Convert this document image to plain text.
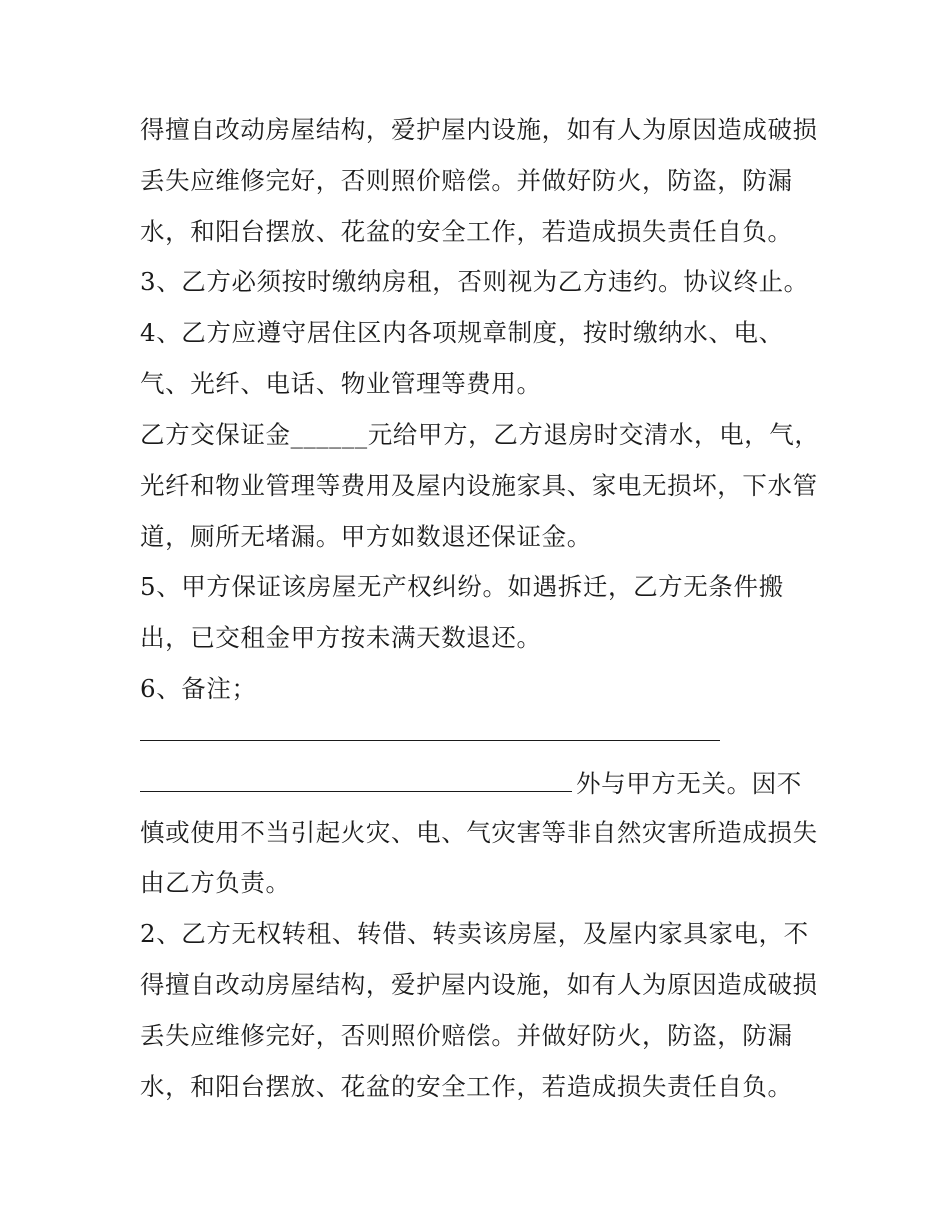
得擅自改动房屋结构，爱护屋内设施，如有人为原因造成破损
丢失应维修完好，否则照价赔偿。并做好防火，防盗，防漏
水，和阳台摆放、花盆的安全工作，若造成损失责任自负。
3、乙方必须按时缴纳房租，否则视为乙方违约。协议终止。
4、乙方应遵守居住区内各项规章制度，按时缴纳水、电、
气、光纤、电话、物业管理等费用。
乙方交保证金______元给甲方，乙方退房时交清水，电，气，
光纤和物业管理等费用及屋内设施家具、家电无损坏，下水管
道，厕所无堵漏。甲方如数退还保证金。
5、甲方保证该房屋无产权纠纷。如遇拆迁，乙方无条件搬
出，已交租金甲方按未满天数退还。
6、备注；
外与甲方无关。因不
慎或使用不当引起火灾、电、气灾害等非自然灾害所造成损失
由乙方负责。
2、乙方无权转租、转借、转卖该房屋，及屋内家具家电，不
得擅自改动房屋结构，爱护屋内设施，如有人为原因造成破损
丢失应维修完好，否则照价赔偿。并做好防火，防盗，防漏
水，和阳台摆放、花盆的安全工作，若造成损失责任自负。
